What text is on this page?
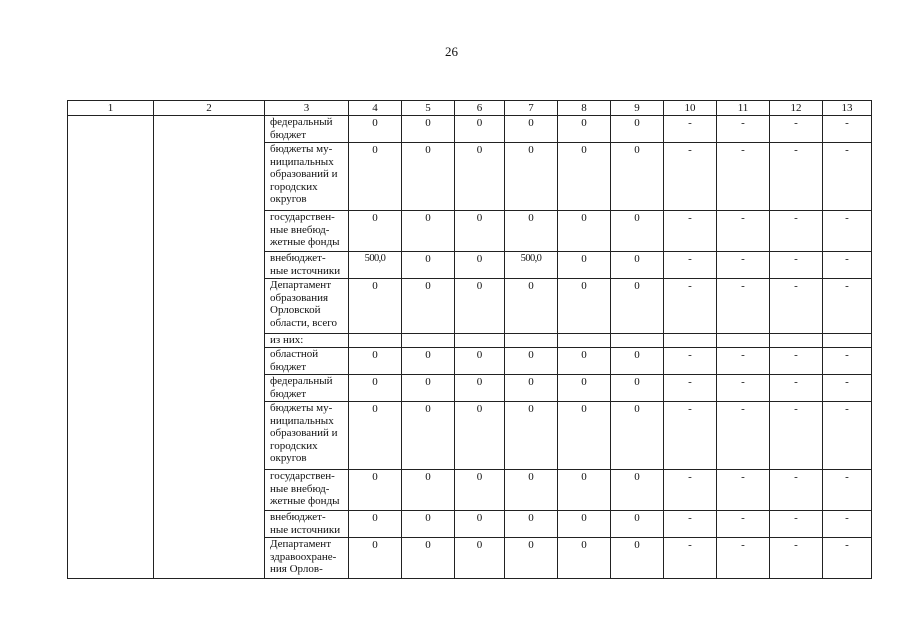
26
1	2	3	4	5	6	7	8	9	10	11	12	13
		федеральный
бюджет	0	0	0	0	0	0	-	-	-	-
		бюджеты му-
ниципальных
образований и
городских
округов	0	0	0	0	0	0	-	-	-	-
		государствен-
ные внебюд-
жетные фонды	0	0	0	0	0	0	-	-	-	-
		внебюджет-
ные источники	500,0	0	0	500,0	0	0	-	-	-	-
		Департамент
образования
Орловской
области, всего	0	0	0	0	0	0	-	-	-	-
		из них:										
		областной
бюджет	0	0	0	0	0	0	-	-	-	-
		федеральный
бюджет	0	0	0	0	0	0	-	-	-	-
		бюджеты му-
ниципальных
образований и
городских
округов	0	0	0	0	0	0	-	-	-	-
		государствен-
ные внебюд-
жетные фонды	0	0	0	0	0	0	-	-	-	-
		внебюджет-
ные источники	0	0	0	0	0	0	-	-	-	-
		Департамент
здравоохране-
ния Орлов-	0	0	0	0	0	0	-	-	-	-
